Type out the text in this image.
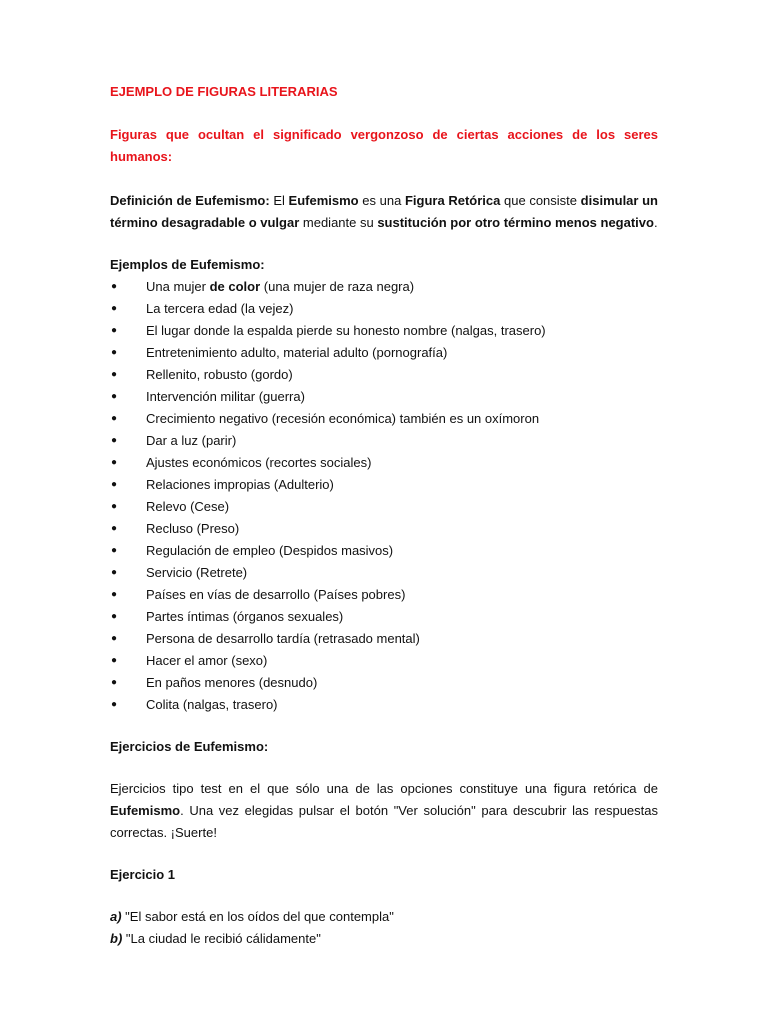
EJEMPLO DE FIGURAS LITERARIAS

Figuras que ocultan el significado vergonzoso de ciertas acciones de los seres humanos:

Definición de Eufemismo: El Eufemismo es una Figura Retórica que consiste disimular un término desagradable o vulgar mediante su sustitución por otro término menos negativo.

Ejemplos de Eufemismo:

● Una mujer de color (una mujer de raza negra)
● La tercera edad (la vejez)
● El lugar donde la espalda pierde su honesto nombre (nalgas, trasero)
● Entretenimiento adulto, material adulto (pornografía)
● Rellenito, robusto (gordo)
● Intervención militar (guerra)
● Crecimiento negativo (recesión económica) también es un oxímoron
● Dar a luz (parir)
● Ajustes económicos (recortes sociales)
● Relaciones impropias (Adulterio)
● Relevo (Cese)
● Recluso (Preso)
● Regulación de empleo (Despidos masivos)
● Servicio (Retrete)
● Países en vías de desarrollo (Países pobres)
● Partes íntimas (órganos sexuales)
● Persona de desarrollo tardía (retrasado mental)
● Hacer el amor (sexo)
● En paños menores (desnudo)
● Colita (nalgas, trasero)

Ejercicios de Eufemismo:

Ejercicios tipo test en el que sólo una de las opciones constituye una figura retórica de Eufemismo. Una vez elegidas pulsar el botón "Ver solución" para descubrir las respuestas correctas. ¡Suerte!

Ejercicio 1

a) "El sabor está en los oídos del que contempla"

b) "La ciudad le recibió cálidamente"
